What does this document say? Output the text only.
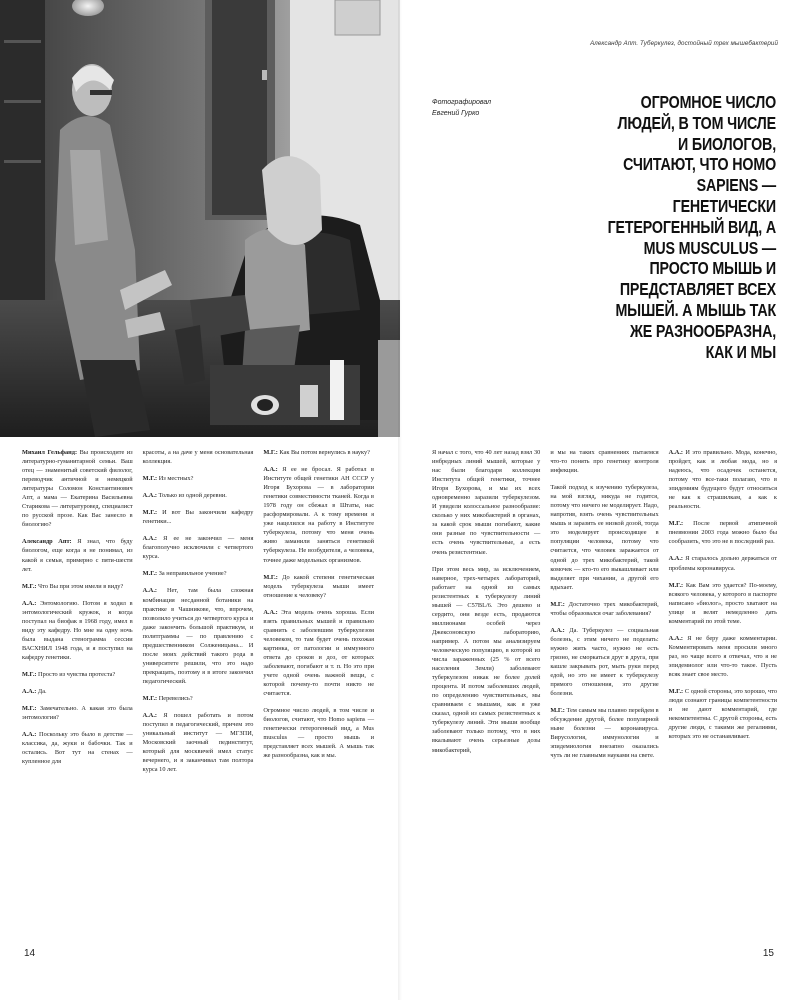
Михаил Гельфанд: Вы происходите из литературно-гуманитарной семьи. Ваш отец — знаменитый советский филолог, переводчик античной и немецкой литературы Соломон Константинович Апт, а мама — Екатерина Васильевна Старикова — литературовед, специалист по русской прозе. Как Вас занесло в биологию?

Александр Апт: Я знал, что буду биологом, еще когда я не понимал, из какой я семьи, примерно с пяти-шести лет.

М.Г.: Что Вы при этом имели в виду?

А.А.: Энтомологию. Потом я ходил в энтомологический кружок, и когда поступал на биофак в 1968 году, имел в виду эту кафедру. Но мне на одну ночь была выдана стенограмма сессии ВАСХНИЛ 1948 года, и я поступил на кафедру генетики.

М.Г.: Просто из чувства протеста?

А.А.: Да.

М.Г.: Замечательно. А какая это была энтомология?

А.А.: Поскольку это было в детстве — классика, да, жуки и бабочки. Так и остались. Вот тут на стенах — купленное для

красоты, а на даче у меня основательная коллекция.

М.Г.: Из местных?

А.А.: Только из одной деревни.

М.Г.: И вот Вы закончили кафедру генетики...

А.А.: Я ее не закончил — меня благополучно исключили с четвертого курса.

М.Г.: За неправильное учение?

А.А.: Нет, там была сложная комбинация несданной ботаники на практике в Чашникове, что, впрочем, позволило учиться до четвертого курса и даже закончить большой практикум, и политграммы — по правлению с предшественником Солженицына... И после моих действий такого рода в университете решили, что это надо прекращать, поэтому я в итоге закончил педагогический.

М.Г.: Перевелись?

А.А.: Я пошел работать и потом поступил в педагогический, причем это уникальный институт — МГЗПИ, Московский заочный пединститут, который для москвичей имел статус вечернего, и я заканчивал там полтора курса 10 лет.

М.Г.: Как Вы потом вернулись в науку?

А.А.: Я ее не бросал. Я работал в Институте общей генетики АН СССР у Игоря Бухорова — в лаборатории генетики совместимости тканей. Когда в 1978 году он сбежал в Штаты, нас расформировали. А к тому времени я уже нацелился на работу в Институте туберкулеза, потому что меня очень живо заманили заняться генетикой туберкулеза. Не возбудителя, а человека, точнее даже модельных организмов.

М.Г.: До какой степени генетическая модель туберкулеза мыши имеет отношение к человеку?

А.А.: Эта модель очень хороша. Если взять правильных мышей и правильно сравнить с заболевшим туберкулезом человеком, то там будет очень похожая картинка, от патологии и иммунного ответа до сроков и доз, от которых заболевают, погибают и т. п. Но это при учете одной очень важной вещи, с которой почему-то почти никто не считается.

Огромное число людей, в том числе и биологов, считают, что Homo sapiens — генетически гетерогенный вид, а Mus musculus — просто мышь и представляет всех мышей. А мышь так же разнообразна, как и мы.

14
Александр Апт. Туберкулез, достойный трех мышебактерий
Фотографировал
Евгений Гурко
ОГРОМНОЕ ЧИСЛО ЛЮДЕЙ, В ТОМ ЧИСЛЕ И БИОЛОГОВ, СЧИТАЮТ, ЧТО HOMO SAPIENS — ГЕНЕТИЧЕСКИ ГЕТЕРОГЕННЫЙ ВИД, А MUS MUSCULUS — ПРОСТО МЫШЬ И ПРЕДСТАВЛЯЕТ ВСЕХ МЫШЕЙ. А МЫШЬ ТАК ЖЕ РАЗНООБРАЗНА, КАК И МЫ

Я начал с того, что 40 лет назад взял 30 инбредных линий мышей, которые у нас были благодаря коллекции Института общей генетики, точнее Игоря Бухорова, и мы их всех одновременно заразили туберкулезом. И увидели колоссальное разнообразие: сколько у них микобактерий в органах, за какой срок мыши погибают, какие они разные по чувствительности — есть очень чувствительные, а есть очень резистентные.

При этом весь мир, за исключением, наверное, трех-четырех лабораторий, работает на одной из самых резистентных к туберкулезу линий мышей — C57BL/6. Это дешево и сердито, они везде есть, продаются миллионами особей через Джексоновскую лабораторию, например. А потом мы анализируем человеческую популяцию, в которой из числа зараженных (25 % от всего населения Земли) заболевают туберкулезом никак не более долей процента. И потом заболевших людей, по определению чувствительных, мы сравниваем с мышами, как я уже сказал, одной из самых резистентных к туберкулезу линий. Эти мыши вообще заболевают только потому, что в них вкалывают очень серьезные дозы микобактерий,

и мы на таких сравнениях пытаемся что-то понять про генетику контроля инфекции.

Такой подход к изучению туберкулеза, на мой взгляд, никуда не годится, потому что ничего не моделирует. Надо, напротив, взять очень чувствительных мышь и заразить ее низкой дозой, тогда это моделирует происходящее в популяции человека, потому что считается, что человек заражается от одной до трех микобактерий, такой комочек — кто-то его выкашливает или выделяет при чихании, а другой его вдыхает.

М.Г.: Достаточно трех микобактерий, чтобы образовался очаг заболевания?

А.А.: Да. Туберкулез — социальная болезнь, с этим ничего не поделать: нужно жить часто, нужно не есть грязно, не сморкаться друг в друга, при кашле закрывать рот, мыть руки перед едой, но это не имеет к туберкулезу прямого отношения, это другие болезни.

М.Г.: Тем самым мы плавно перейдем в обсуждение другой, более популярной ныне болезни — коронавируса. Вирусология, иммунология и эпидемиология внезапно оказались чуть ли не главными науками на свете.

А.А.: И это правильно. Мода, конечно, пройдет, как и любая мода, но я надеюсь, что осадочек останется, потому что все-таки полагаю, что в эпидемиям будущего будут относиться не как к страшилкам, а как к реальности.

М.Г.: После первой атипичной пневмонии 2003 года можно было бы сообразить, что это не в последний раз.

А.А.: Я старалось дольно держаться от проблемы коронавируса.

М.Г.: Как Вам это удается? По-моему, всякого человека, у которого в паспорте написано «биолог», просто хватают на улице и велят немедленно дать комментарий по этой теме.

А.А.: Я не беру даже комментарии. Комментировать меня просили много раз, но чаще всего я отвечал, что я не эпидемиолог или что-то такое. Пусть всяк знает свое место.

М.Г.: С одной стороны, это хорошо, что люди сознают границы компетентности и не дают комментарий, где некомпетентны. С другой стороны, есть другие люди, с такими же регалиями, которых это не останавливает.

15
